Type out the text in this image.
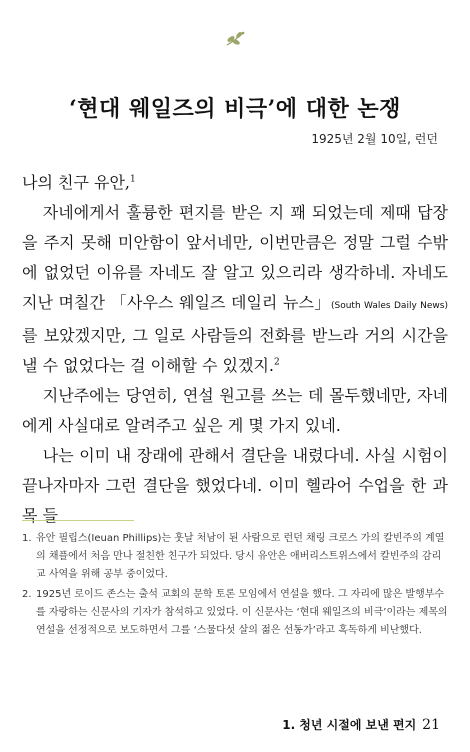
‘현대 웨일즈의 비극’에 대한 논쟁
1925년 2월 10일, 런던

나의 친구 유안,$^1$

자네에게서 훌륭한 편지를 받은 지 꽤 되었는데 제때 답장을 주지 못해 미안함이 앞서네만, 이번만큼은 정말 그럴 수밖에 없었던 이유를 자네도 잘 알고 있으리라 생각하네. 자네도 지난 며칠간 「사우스 웨일즈 데일리 뉴스」(South Wales Daily News)를 보았겠지만, 그 일로 사람들의 전화를 받느라 거의 시간을 낼 수 없었다는 걸 이해할 수 있겠지.$^2$

지난주에는 당연히, 연설 원고를 쓰는 데 몰두했네만, 자네에게 사실대로 알려주고 싶은 게 몇 가지 있네.

나는 이미 내 장래에 관해서 결단을 내렸다네. 사실 시험이 끝나자마자 그런 결단을 했었다네. 이미 헬라어 수업을 한 과목 들

1. 유안 필립스(Ieuan Phillips)는 훗날 처남이 된 사람으로 런던 채링 크로스 가의 칼빈주의 계열의 채플에서 처음 만나 절친한 친구가 되었다. 당시 유안은 애버리스트위스에서 칼빈주의 감리교 사역을 위해 공부 중이었다.
2. 1925년 로이드 존스는 출석 교회의 문학 토론 모임에서 연설을 했다. 그 자리에 많은 발행부수를 자랑하는 신문사의 기자가 참석하고 있었다. 이 신문사는 ‘현대 웨일즈의 비극’이라는 제목의 연설을 선정적으로 보도하면서 그를 ‘스물다섯 살의 젊은 선동가’라고 혹독하게 비난했다.
1. 청년 시절에 보낸 편지 21
